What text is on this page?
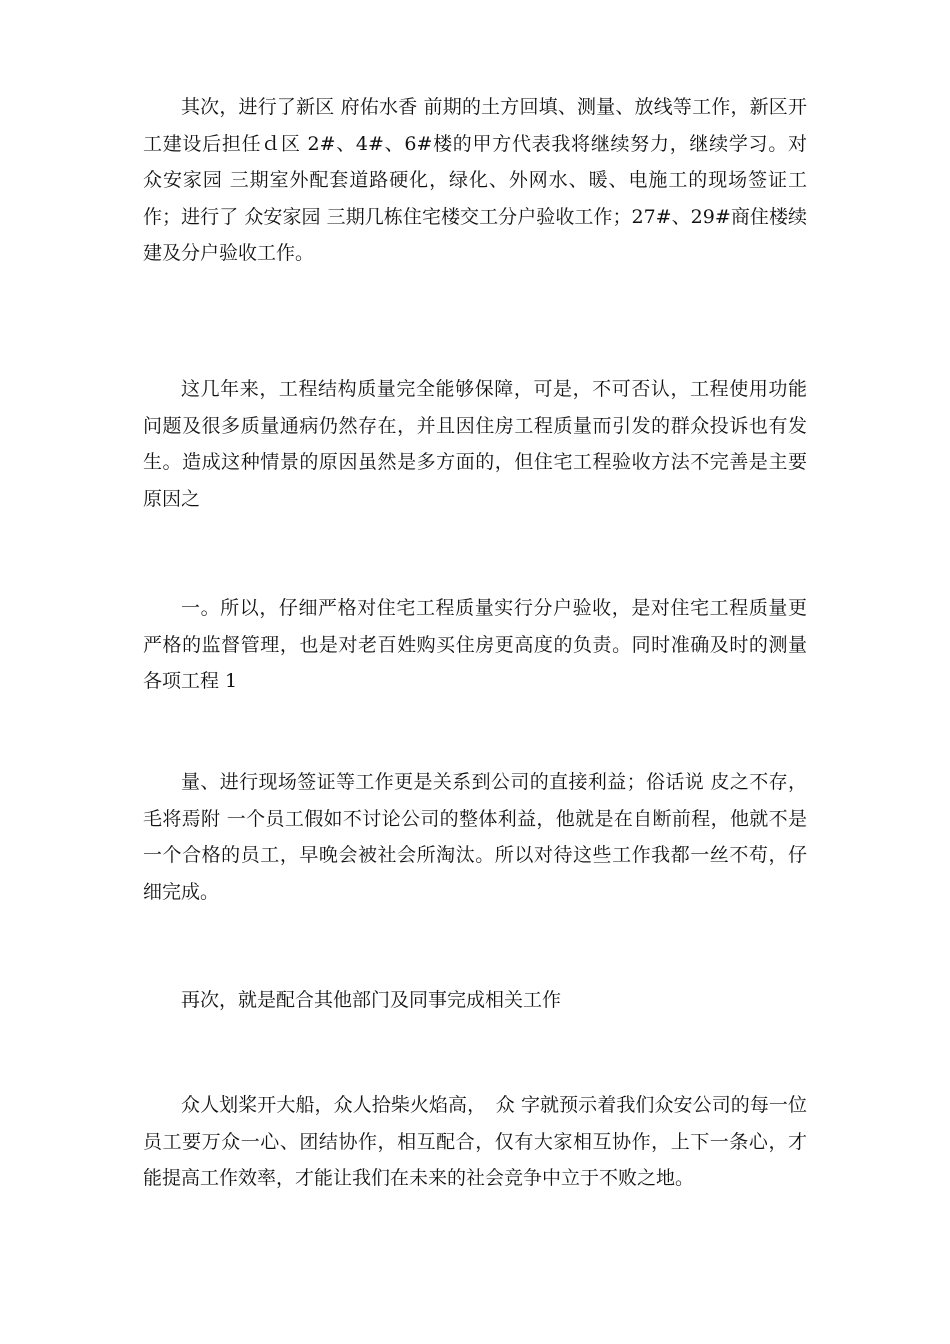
其次，进行了新区 府佑水香 前期的土方回填、测量、放线等工作，新区开工建设后担任ｄ区 2#、4#、6#楼的甲方代表我将继续努力，继续学习。对 众安家园 三期室外配套道路硬化，绿化、外网水、暖、电施工的现场签证工作；进行了 众安家园 三期几栋住宅楼交工分户验收工作；27#、29#商住楼续建及分户验收工作。

这几年来，工程结构质量完全能够保障，可是，不可否认，工程使用功能问题及很多质量通病仍然存在，并且因住房工程质量而引发的群众投诉也有发生。造成这种情景的原因虽然是多方面的，但住宅工程验收方法不完善是主要原因之

一。所以，仔细严格对住宅工程质量实行分户验收，是对住宅工程质量更严格的监督管理，也是对老百姓购买住房更高度的负责。同时准确及时的测量各项工程 1

量、进行现场签证等工作更是关系到公司的直接利益；俗话说 皮之不存，毛将焉附 一个员工假如不讨论公司的整体利益，他就是在自断前程，他就不是一个合格的员工，早晚会被社会所淘汰。所以对待这些工作我都一丝不苟，仔细完成。

再次，就是配合其他部门及同事完成相关工作

众人划桨开大船，众人拾柴火焰高，　众 字就预示着我们众安公司的每一位员工要万众一心、团结协作，相互配合，仅有大家相互协作，上下一条心，才能提高工作效率，才能让我们在未来的社会竞争中立于不败之地。
